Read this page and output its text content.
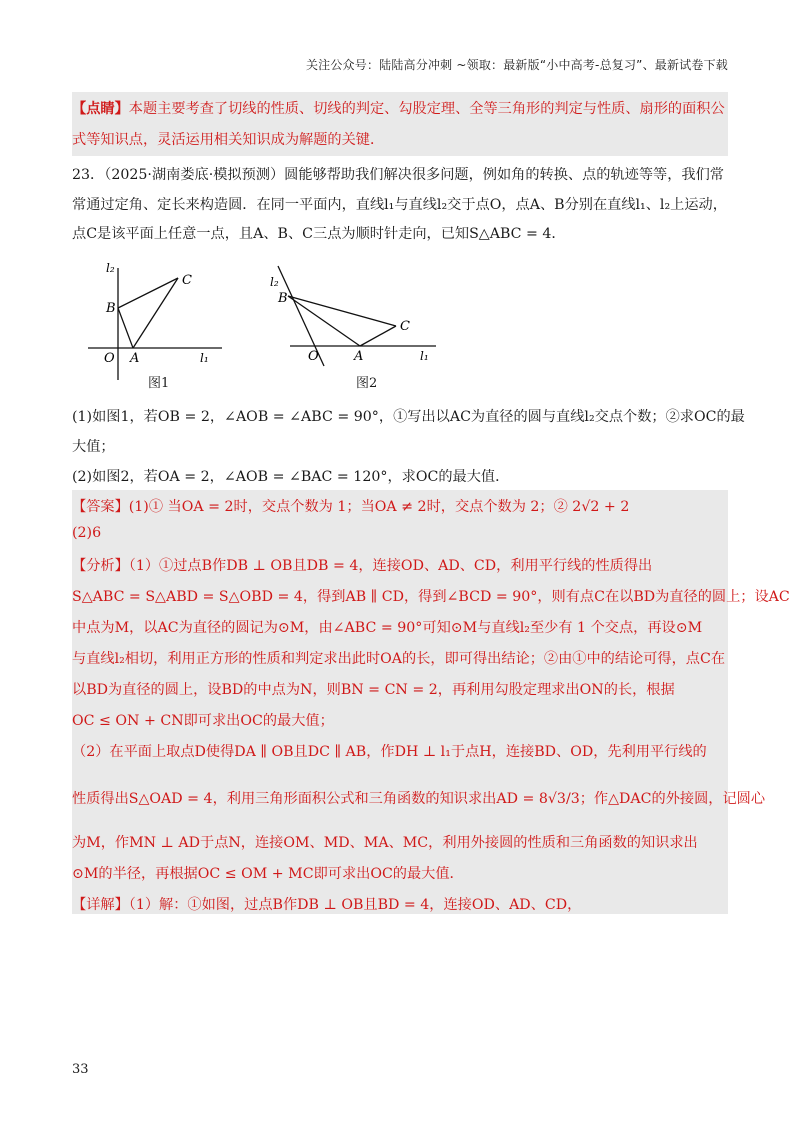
关注公众号：陆陆高分冲刺 ~领取：最新版“小中高考-总复习”、最新试卷下载
【点睛】本题主要考查了切线的性质、切线的判定、勾股定理、全等三角形的判定与性质、扇形的面积公
式等知识点，灵活运用相关知识成为解题的关键．
23．（2025·湖南娄底·模拟预测）圆能够帮助我们解决很多问题，例如角的转换、点的轨迹等等，我们常
常通过定角、定长来构造圆．在同一平面内，直线l₁与直线l₂交于点O，点A、B分别在直线l₁、l₂上运动，
点C是该平面上任意一点，且A、B、C三点为顺时针走向，已知S△ABC = 4．
l₂
C
B
O A	l₁
图1
l₂
B
C
O	A	l₁
图2
(1)如图1，若OB = 2，∠AOB = ∠ABC = 90°，①写出以AC为直径的圆与直线l₂交点个数；②求OC的最
大值；
(2)如图2，若OA = 2，∠AOB = ∠BAC = 120°，求OC的最大值．
【答案】(1)① 当OA = 2时，交点个数为 1；当OA ≠ 2时，交点个数为 2；② 2√2 + 2
(2)6
【分析】（1）①过点B作DB ⊥ OB且DB = 4，连接OD、AD、CD，利用平行线的性质得出
S△ABC = S△ABD = S△OBD = 4，得到AB ∥ CD，得到∠BCD = 90°，则有点C在以BD为直径的圆上；设AC
中点为M，以AC为直径的圆记为⊙M，由∠ABC = 90°可知⊙M与直线l₂至少有 1 个交点，再设⊙M
与直线l₂相切，利用正方形的性质和判定求出此时OA的长，即可得出结论；②由①中的结论可得，点C在
以BD为直径的圆上，设BD的中点为N，则BN = CN = 2，再利用勾股定理求出ON的长，根据
OC ≤ ON + CN即可求出OC的最大值；
（2）在平面上取点D使得DA ∥ OB且DC ∥ AB，作DH ⊥ l₁于点H，连接BD、OD，先利用平行线的
性质得出S△OAD = 4，利用三角形面积公式和三角函数的知识求出AD = 8√3/3；作△DAC的外接圆，记圆心
为M，作MN ⊥ AD于点N，连接OM、MD、MA、MC，利用外接圆的性质和三角函数的知识求出
⊙M的半径，再根据OC ≤ OM + MC即可求出OC的最大值．
【详解】（1）解：①如图，过点B作DB ⊥ OB且BD = 4，连接OD、AD、CD，
33
